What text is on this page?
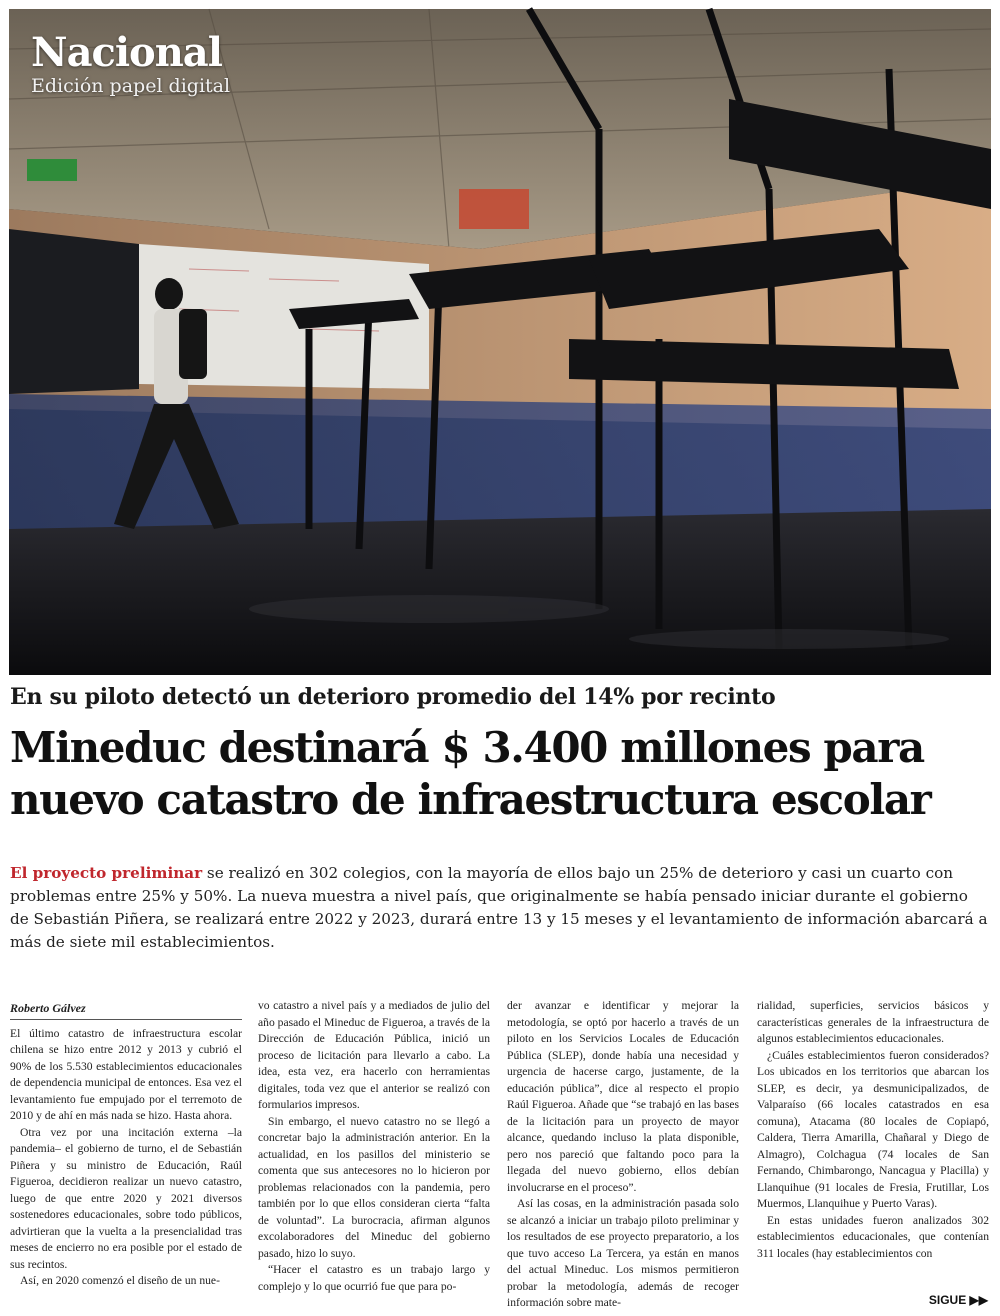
Nacional
Edición papel digital
En su piloto detectó un deterioro promedio del 14% por recinto
Mineduc destinará $ 3.400 millones para nuevo catastro de infraestructura escolar

El proyecto preliminar se realizó en 302 colegios, con la mayoría de ellos bajo un 25% de deterioro y casi un cuarto con problemas entre 25% y 50%. La nueva muestra a nivel país, que originalmente se había pensado iniciar durante el gobierno de Sebastián Piñera, se realizará entre 2022 y 2023, durará entre 13 y 15 meses y el levantamiento de información abarcará a más de siete mil establecimientos.

Roberto Gálvez

El último catastro de infraestructura escolar chilena se hizo entre 2012 y 2013 y cubrió el 90% de los 5.530 establecimientos educacionales de dependencia municipal de entonces. Esa vez el levantamiento fue empujado por el terremoto de 2010 y de ahí en más nada se hizo. Hasta ahora.

Otra vez por una incitación externa –la pandemia– el gobierno de turno, el de Sebastián Piñera y su ministro de Educación, Raúl Figueroa, decidieron realizar un nuevo catastro, luego de que entre 2020 y 2021 diversos sostenedores educacionales, sobre todo públicos, advirtieran que la vuelta a la presencialidad tras meses de encierro no era posible por el estado de sus recintos.

Así, en 2020 comenzó el diseño de un nue-

vo catastro a nivel país y a mediados de julio del año pasado el Mineduc de Figueroa, a través de la Dirección de Educación Pública, inició un proceso de licitación para llevarlo a cabo. La idea, esta vez, era hacerlo con herramientas digitales, toda vez que el anterior se realizó con formularios impresos.

Sin embargo, el nuevo catastro no se llegó a concretar bajo la administración anterior. En la actualidad, en los pasillos del ministerio se comenta que sus antecesores no lo hicieron por problemas relacionados con la pandemia, pero también por lo que ellos consideran cierta “falta de voluntad”. La burocracia, afirman algunos excolaboradores del Mineduc del gobierno pasado, hizo lo suyo.

“Hacer el catastro es un trabajo largo y complejo y lo que ocurrió fue que para po-

der avanzar e identificar y mejorar la metodología, se optó por hacerlo a través de un piloto en los Servicios Locales de Educación Pública (SLEP), donde había una necesidad y urgencia de hacerse cargo, justamente, de la educación pública”, dice al respecto el propio Raúl Figueroa. Añade que “se trabajó en las bases de la licitación para un proyecto de mayor alcance, quedando incluso la plata disponible, pero nos pareció que faltando poco para la llegada del nuevo gobierno, ellos debían involucrarse en el proceso”.

Así las cosas, en la administración pasada solo se alcanzó a iniciar un trabajo piloto preliminar y los resultados de ese proyecto preparatorio, a los que tuvo acceso La Tercera, ya están en manos del actual Mineduc. Los mismos permitieron probar la metodología, además de recoger información sobre mate-

rialidad, superficies, servicios básicos y características generales de la infraestructura de algunos establecimientos educacionales.

¿Cuáles establecimientos fueron considerados? Los ubicados en los territorios que abarcan los SLEP, es decir, ya desmunicipalizados, de Valparaíso (66 locales catastrados en esa comuna), Atacama (80 locales de Copiapó, Caldera, Tierra Amarilla, Chañaral y Diego de Almagro), Colchagua (74 locales de San Fernando, Chimbarongo, Nancagua y Placilla) y Llanquihue (91 locales de Fresia, Frutillar, Los Muermos, Llanquihue y Puerto Varas).

En estas unidades fueron analizados 302 establecimientos educacionales, que contenían 311 locales (hay establecimientos con

SIGUE ▶▶
